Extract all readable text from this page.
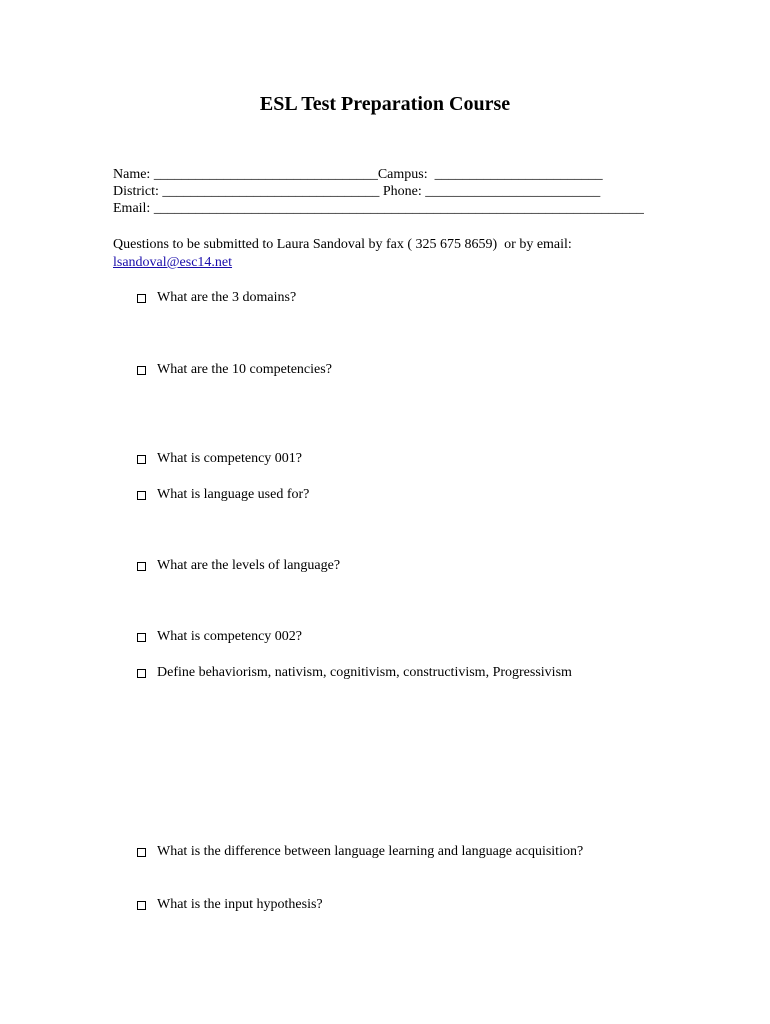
ESL Test Preparation Course
Name: ________________________________Campus:  ________________________
District: _______________________________ Phone: _________________________
Email: ______________________________________________________________________
Questions to be submitted to Laura Sandoval by fax ( 325 675 8659)  or by email:
lsandoval@esc14.net
What are the 3 domains?
What are the 10 competencies?
What is competency 001?
What is language used for?
What are the levels of language?
What is competency 002?
Define behaviorism, nativism, cognitivism, constructivism, Progressivism
What is the difference between language learning and language acquisition?
What is the input hypothesis?
